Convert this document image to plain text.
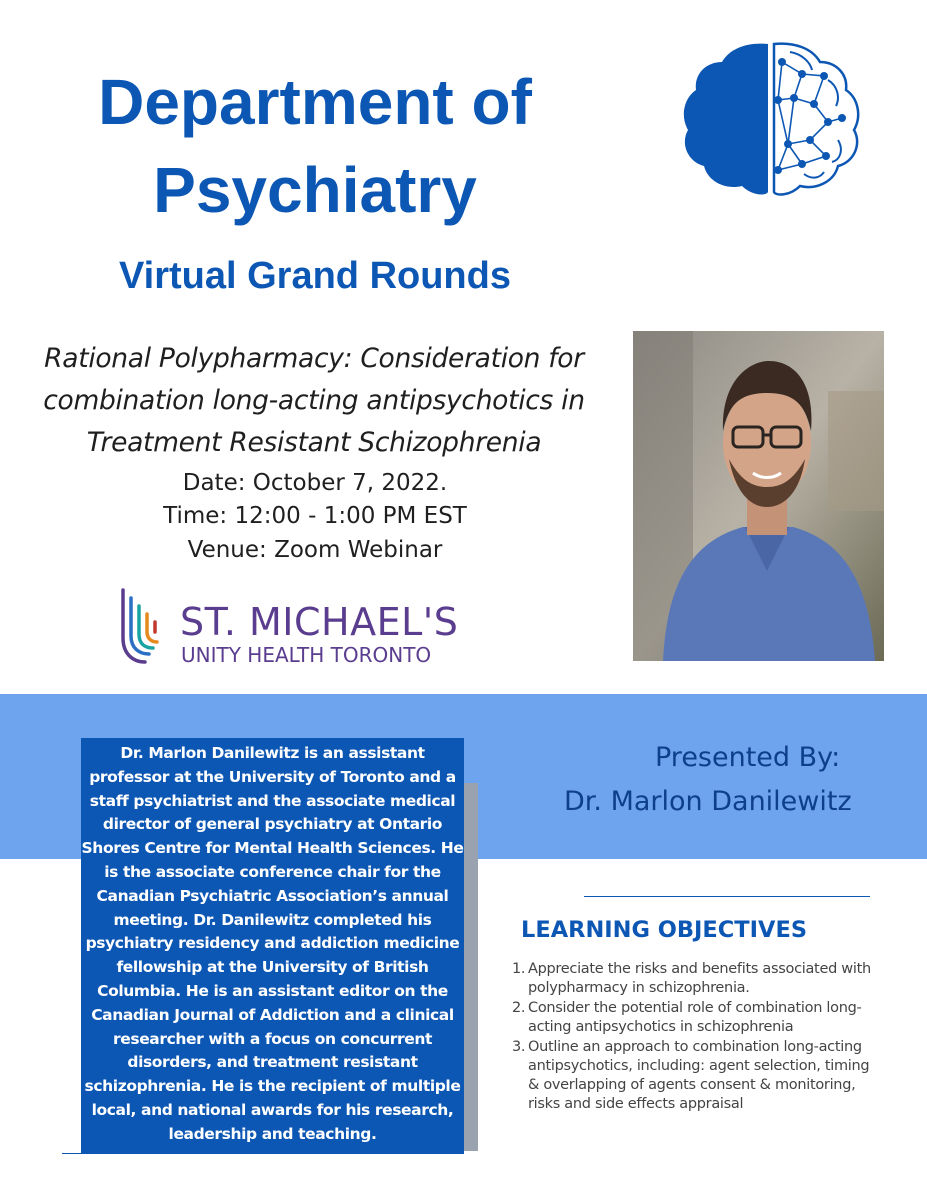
Department of
Psychiatry
Virtual Grand Rounds
Rational Polypharmacy: Consideration for combination long-acting antipsychotics in Treatment Resistant Schizophrenia
Date: October 7, 2022.
Time: 12:00 - 1:00 PM EST
Venue: Zoom Webinar
ST. MICHAEL'S
UNITY HEALTH TORONTO
Dr. Marlon Danilewitz is an assistant professor at the University of Toronto and a staff psychiatrist and the associate medical director of general psychiatry at Ontario Shores Centre for Mental Health Sciences. He is the associate conference chair for the Canadian Psychiatric Association’s annual meeting. Dr. Danilewitz completed his psychiatry residency and addiction medicine fellowship at the University of British Columbia. He is an assistant editor on the Canadian Journal of Addiction and a clinical researcher with a focus on concurrent disorders, and treatment resistant schizophrenia. He is the recipient of multiple local, and national awards for his research, leadership and teaching.
Presented By:
Dr. Marlon Danilewitz
LEARNING OBJECTIVES
1. Appreciate the risks and benefits associated with polypharmacy in schizophrenia.
2. Consider the potential role of combination long-acting antipsychotics in schizophrenia
3. Outline an approach to combination long-acting antipsychotics, including: agent selection, timing & overlapping of agents consent & monitoring, risks and side effects appraisal
